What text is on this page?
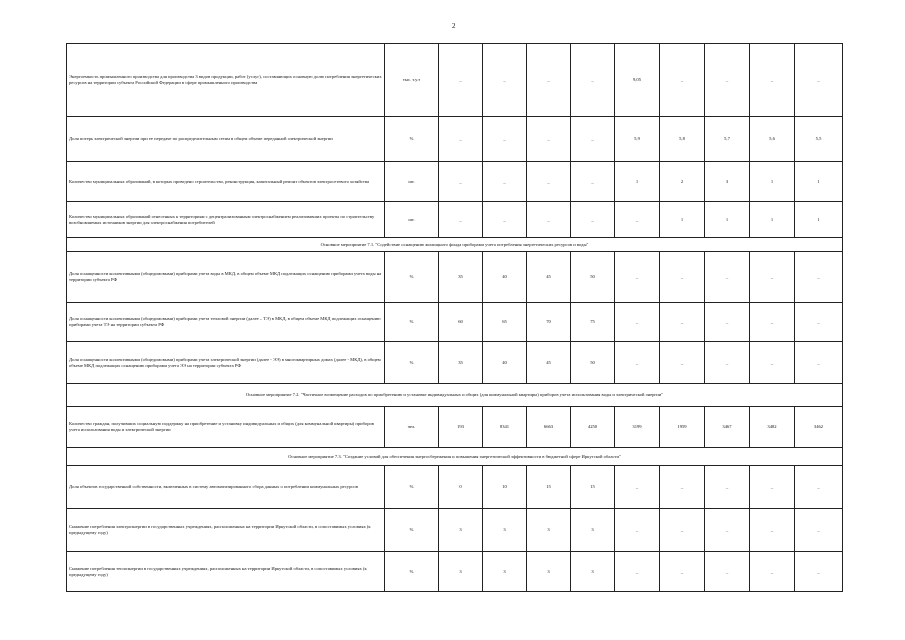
2
Энергоемкость промышленного производства для производства 3 видов продукции, работ (услуг), составляющих основную долю потребления энергетических ресурсов на территории субъекта Российской Федерации в сфере промышленного производства	тыс. т.у.т	_	_	_	_	9,05	_	_	_	_
Доля потерь электрической энергии при ее передаче по распределительным сетям в общем объеме переданной электрической энергии	%	_	_	_	_	5,9	5,8	5,7	5,6	5,5
Количество муниципальных образований, в которых проведено строительство, реконструкция, капитальный ремонт объектов электросетевого хозяйства	шт.	_	_	_	_	1	2	3	1	1
Количество муниципальных образований отнесенных к территориям с децентрализованным электроснабжением реализовавших проекты по строительству возобновляемых источников энергии для электроснабжения потребителей	шт.	_	_	_	_	_	1	1	1	1
Основное мероприятие 7.1. "Содействие оснащению жилищного фонда приборами учета потребления энергетических ресурсов и воды"										
Доля оснащенности коллективными (общедомовыми) приборами учета воды в МКД, в общем объеме МКД подлежащих оснащению приборами учета воды на территории субъекта РФ	%	35	40	45	50	_	_	_	_	_
Доля оснащенности коллективными (общедомовыми) приборами учета тепловой энергии (далее – ТЭ) в МКД, в общем объеме МКД подлежащих оснащению приборами учета ТЭ на территории субъекта РФ	%	60	65	70	75	_	_	_	_	_
Доля оснащенности коллективными (общедомовыми) приборами учета электрической энергии (далее - ЭЭ) в многоквартирных домах (далее - МКД), в общем объеме МКД подлежащих оснащению приборами учета ЭЭ на территории субъекта РФ	%	35	40	45	50	_	_	_	_	_
Основное мероприятие 7.2. "Частичное возмещение расходов по приобретению и установке индивидуальных и общих (для коммунальной квартиры) приборов учета использования воды и электрической энергии"										
Количество граждан, получивших социальную поддержку на приобретение и установку индивидуальных и общих (для коммунальной квартиры) приборов учета использования воды и электрической энергии	чел.	193	8341	6663	4250	3199	1959	3467	3482	3462
Основное мероприятие 7.3. "Создание условий для обеспечения энергосбережения и повышения энергетической эффективности в бюджетной сфере Иркутской области"										
Доля объектов государственной собственности, включенных в систему автоматизированного сбора данных о потреблении коммунальных ресурсов	%	0	10	15	15	_	_	_	_	_
Снижение потребления электроэнергии в государственных учреждениях, расположенных на территории Иркутской области, в сопоставимых условиях (к предыдущему году)	%	3	3	3	3	_	_	_	_	_
Снижение потребления теплоэнергии в государственных учреждениях, расположенных на территории Иркутской области, в сопоставимых условиях (к предыдущему году)	%	3	3	3	3	_	_	_	_	_
